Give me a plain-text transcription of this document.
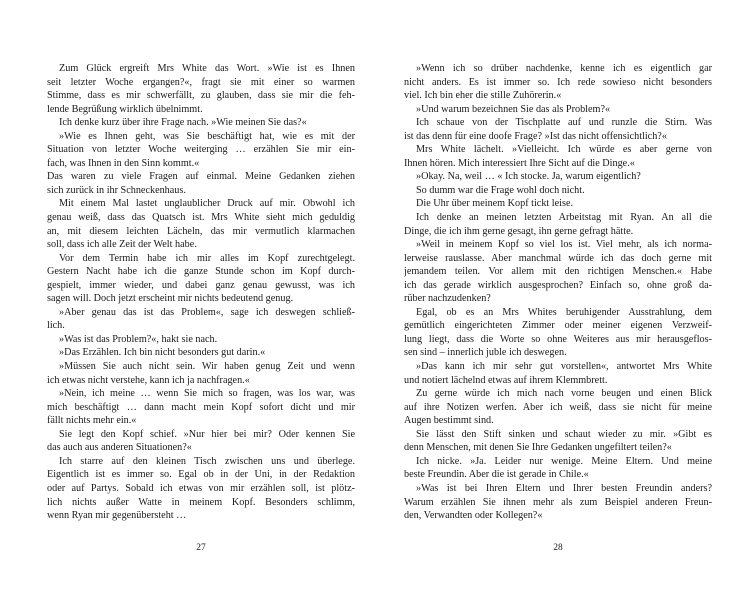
Zum Glück ergreift Mrs White das Wort. »Wie ist es Ihnen
seit letzter Woche ergangen?«, fragt sie mit einer so warmen
Stimme, dass es mir schwerfällt, zu glauben, dass sie mir die feh-
lende Begrüßung wirklich übelnimmt.
Ich denke kurz über ihre Frage nach. »Wie meinen Sie das?«
»Wie es Ihnen geht, was Sie beschäftigt hat, wie es mit der
Situation von letzter Woche weiterging … erzählen Sie mir ein-
fach, was Ihnen in den Sinn kommt.«
Das waren zu viele Fragen auf einmal. Meine Gedanken ziehen
sich zurück in ihr Schneckenhaus.
Mit einem Mal lastet unglaublicher Druck auf mir. Obwohl ich
genau weiß, dass das Quatsch ist. Mrs White sieht mich geduldig
an, mit diesem leichten Lächeln, das mir vermutlich klarmachen
soll, dass ich alle Zeit der Welt habe.
Vor dem Termin habe ich mir alles im Kopf zurechtgelegt.
Gestern Nacht habe ich die ganze Stunde schon im Kopf durch-
gespielt, immer wieder, und dabei ganz genau gewusst, was ich
sagen will. Doch jetzt erscheint mir nichts bedeutend genug.
»Aber genau das ist das Problem«, sage ich deswegen schließ-
lich.
»Was ist das Problem?«, hakt sie nach.
»Das Erzählen. Ich bin nicht besonders gut darin.«
»Müssen Sie auch nicht sein. Wir haben genug Zeit und wenn
ich etwas nicht verstehe, kann ich ja nachfragen.«
»Nein, ich meine … wenn Sie mich so fragen, was los war, was
mich beschäftigt … dann macht mein Kopf sofort dicht und mir
fällt nichts mehr ein.«
Sie legt den Kopf schief. »Nur hier bei mir? Oder kennen Sie
das auch aus anderen Situationen?«
Ich starre auf den kleinen Tisch zwischen uns und überlege.
Eigentlich ist es immer so. Egal ob in der Uni, in der Redaktion
oder auf Partys. Sobald ich etwas von mir erzählen soll, ist plötz-
lich nichts außer Watte in meinem Kopf. Besonders schlimm,
wenn Ryan mir gegenübersteht …
27
»Wenn ich so drüber nachdenke, kenne ich es eigentlich gar
nicht anders. Es ist immer so. Ich rede sowieso nicht besonders
viel. Ich bin eher die stille Zuhörerin.«
»Und warum bezeichnen Sie das als Problem?«
Ich schaue von der Tischplatte auf und runzle die Stirn. Was
ist das denn für eine doofe Frage? »Ist das nicht offensichtlich?«
Mrs White lächelt. »Vielleicht. Ich würde es aber gerne von
Ihnen hören. Mich interessiert Ihre Sicht auf die Dinge.«
»Okay. Na, weil … « Ich stocke. Ja, warum eigentlich?
So dumm war die Frage wohl doch nicht.
Die Uhr über meinem Kopf tickt leise.
Ich denke an meinen letzten Arbeitstag mit Ryan. An all die
Dinge, die ich ihm gerne gesagt, ihn gerne gefragt hätte.
»Weil in meinem Kopf so viel los ist. Viel mehr, als ich norma-
lerweise rauslasse. Aber manchmal würde ich das doch gerne mit
jemandem teilen. Vor allem mit den richtigen Menschen.« Habe
ich das gerade wirklich ausgesprochen? Einfach so, ohne groß da-
rüber nachzudenken?
Egal, ob es an Mrs Whites beruhigender Ausstrahlung, dem
gemütlich eingerichteten Zimmer oder meiner eigenen Verzweif-
lung liegt, dass die Worte so ohne Weiteres aus mir herausgeflos-
sen sind – innerlich juble ich deswegen.
»Das kann ich mir sehr gut vorstellen«, antwortet Mrs White
und notiert lächelnd etwas auf ihrem Klemmbrett.
Zu gerne würde ich mich nach vorne beugen und einen Blick
auf ihre Notizen werfen. Aber ich weiß, dass sie nicht für meine
Augen bestimmt sind.
Sie lässt den Stift sinken und schaut wieder zu mir. »Gibt es
denn Menschen, mit denen Sie Ihre Gedanken ungefiltert teilen?«
Ich nicke. »Ja. Leider nur wenige. Meine Eltern. Und meine
beste Freundin. Aber die ist gerade in Chile.«
»Was ist bei Ihren Eltern und Ihrer besten Freundin anders?
Warum erzählen Sie ihnen mehr als zum Beispiel anderen Freun-
den, Verwandten oder Kollegen?«
28
